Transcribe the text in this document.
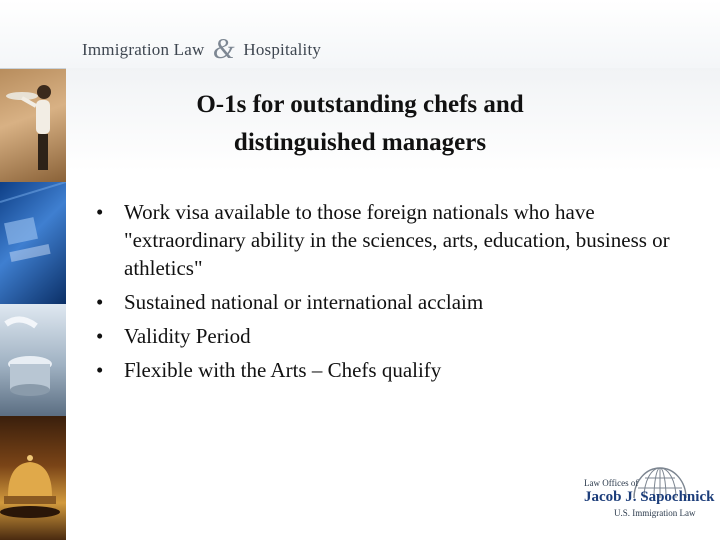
Immigration Law & Hospitality
O-1s for outstanding chefs and
distinguished managers
• Work visa available to those foreign nationals who have "extraordinary ability in the sciences, arts, education, business or athletics"
• Sustained national or international acclaim
• Validity Period
• Flexible with the Arts – Chefs qualify
Law Offices of
Jacob J. Sapochnick
U.S. Immigration Law
